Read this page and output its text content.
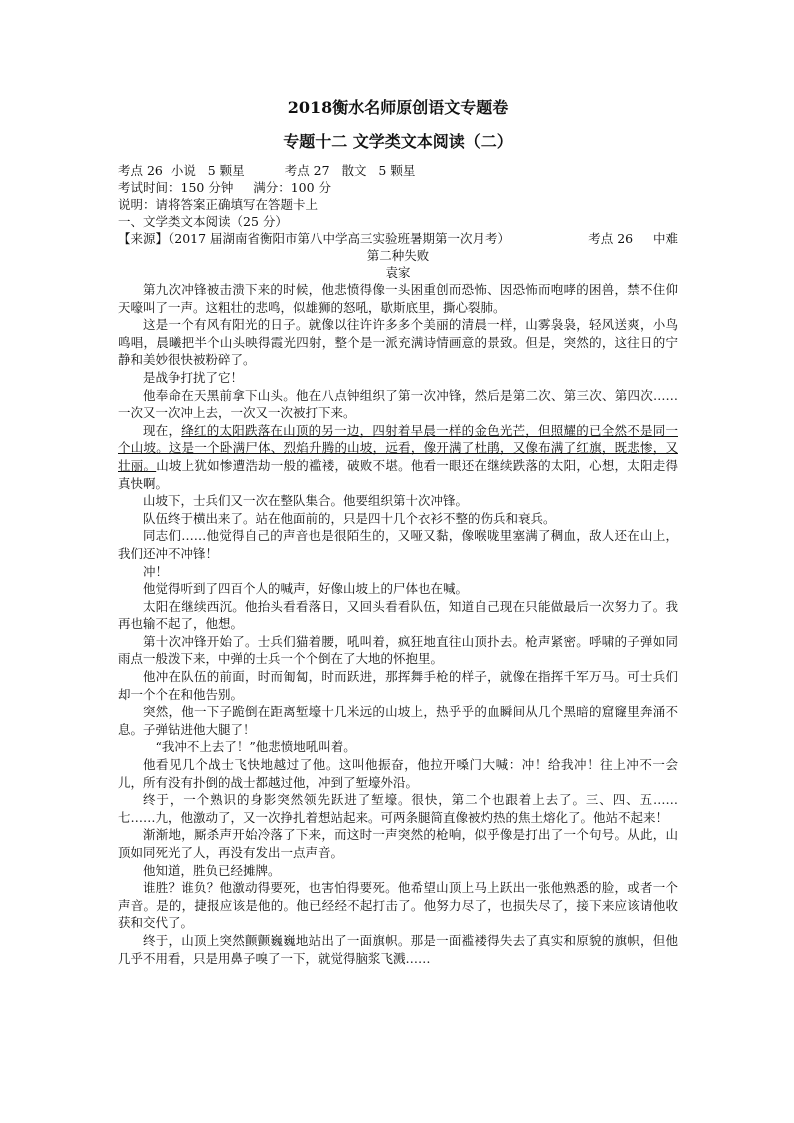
2018衡水名师原创语文专题卷
专题十二 文学类文本阅读（二）
考点 26  小说   5 颗星	考点 27   散文   5 颗星

考试时间：150 分钟     满分：100 分

说明：请将答案正确填写在答题卡上

一、文学类文本阅读（25 分）

【来源】（2017 届湖南省衡阳市第八中学高三实验班暑期第一次月考）	考点 26     中难

第二种失败

袁家

第九次冲锋被击溃下来的时候，他悲愤得像一头困重创而恐怖、因恐怖而咆哮的困兽，禁不住仰天嚎叫了一声。这粗壮的悲鸣，似雄狮的怒吼，歇斯底里，撕心裂肺。

这是一个有风有阳光的日子。就像以往许许多多个美丽的清晨一样，山雾袅袅，轻风送爽，小鸟鸣唱，晨曦把半个山头映得霞光四射，整个是一派充满诗情画意的景致。但是，突然的，这往日的宁静和美妙很快被粉碎了。

是战争打扰了它！

他奉命在天黑前拿下山头。他在八点钟组织了第一次冲锋，然后是第二次、第三次、第四次……一次又一次冲上去，一次又一次被打下来。

现在，绛红的太阳跌落在山顶的另一边，四射着早晨一样的金色光芒，但照耀的已全然不是同一个山坡。这是一个卧满尸体、烈焰升腾的山坡，远看，像开满了杜鹃，又像布满了红旗，既悲惨，又壮丽。山坡上犹如惨遭浩劫一般的褴褛，破败不堪。他看一眼还在继续跌落的太阳，心想，太阳走得真快啊。

山坡下，士兵们又一次在整队集合。他要组织第十次冲锋。

队伍终于横出来了。站在他面前的，只是四十几个衣衫不整的伤兵和衰兵。

同志们……他觉得自己的声音也是很陌生的，又哑又黏，像喉咙里塞满了稠血，敌人还在山上，我们还冲不冲锋！

冲！

他觉得听到了四百个人的喊声，好像山坡上的尸体也在喊。

太阳在继续西沉。他抬头看看落日，又回头看看队伍，知道自己现在只能做最后一次努力了。我再也输不起了，他想。

第十次冲锋开始了。士兵们猫着腰，吼叫着，疯狂地直往山顶扑去。枪声紧密。呼啸的子弹如同雨点一般泼下来，中弹的士兵一个个倒在了大地的怀抱里。

他冲在队伍的前面，时而匍匐，时而跃进，那挥舞手枪的样子，就像在指挥千军万马。可士兵们却一个个在和他告别。

突然，他一下子跪倒在距离堑壕十几米远的山坡上，热乎乎的血瞬间从几个黑暗的窟窿里奔涌不息。子弹钻进他大腿了！

“我冲不上去了！”他悲愤地吼叫着。

他看见几个战士飞快地越过了他。这叫他振奋，他拉开嗓门大喊：冲！给我冲！往上冲不一会儿，所有没有扑倒的战士都越过他，冲到了堑壕外沿。

终于，一个熟识的身影突然领先跃进了堑壕。很快，第二个也跟着上去了。三、四、五……七……九，他激动了，又一次挣扎着想站起来。可两条腿简直像被灼热的焦土熔化了。他站不起来！

渐渐地，厮杀声开始冷落了下来，而这时一声突然的枪响，似乎像是打出了一个句号。从此，山顶如同死光了人，再没有发出一点声音。

他知道，胜负已经摊牌。

谁胜？谁负？他激动得要死，也害怕得要死。他希望山顶上马上跃出一张他熟悉的脸，或者一个声音。是的，捷报应该是他的。他已经经不起打击了。他努力尽了，也损失尽了，接下来应该请他收获和交代了。

终于，山顶上突然颤颤巍巍地站出了一面旗帜。那是一面褴褛得失去了真实和原貌的旗帜，但他几乎不用看，只是用鼻子嗅了一下，就觉得脑浆飞溅……
